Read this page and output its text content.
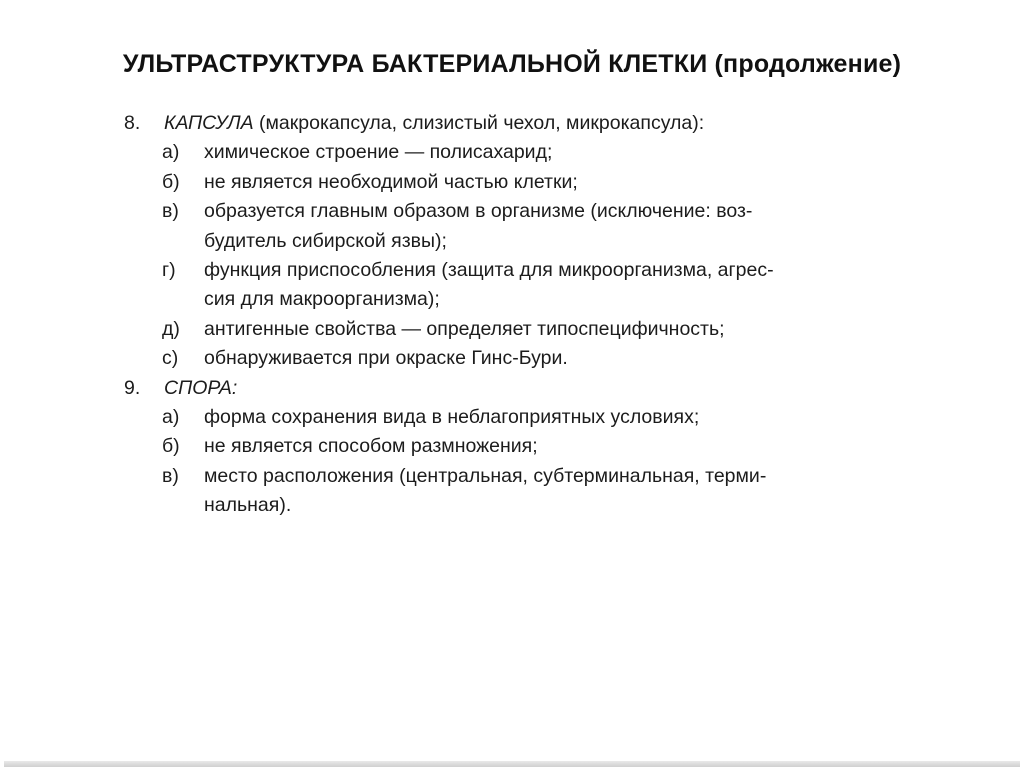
УЛЬТРАСТРУКТУРА БАКТЕРИАЛЬНОЙ КЛЕТКИ (продолжение)
8. КАПСУЛА (макрокапсула, слизистый чехол, микрокапсула):
а) химическое строение — полисахарид;
б) не является необходимой частью клетки;
в) образуется главным образом в организме (исключение: воз-
будитель сибирской язвы);
г) функция приспособления (защита для микроорганизма, агрес-
сия для макроорганизма);
д) антигенные свойства — определяет типоспецифичность;
с) обнаруживается при окраске Гинс-Бури.
9. СПОРА:
а) форма сохранения вида в неблагоприятных условиях;
б) не является способом размножения;
в) место расположения (центральная, субтерминальная, терми-
нальная).
